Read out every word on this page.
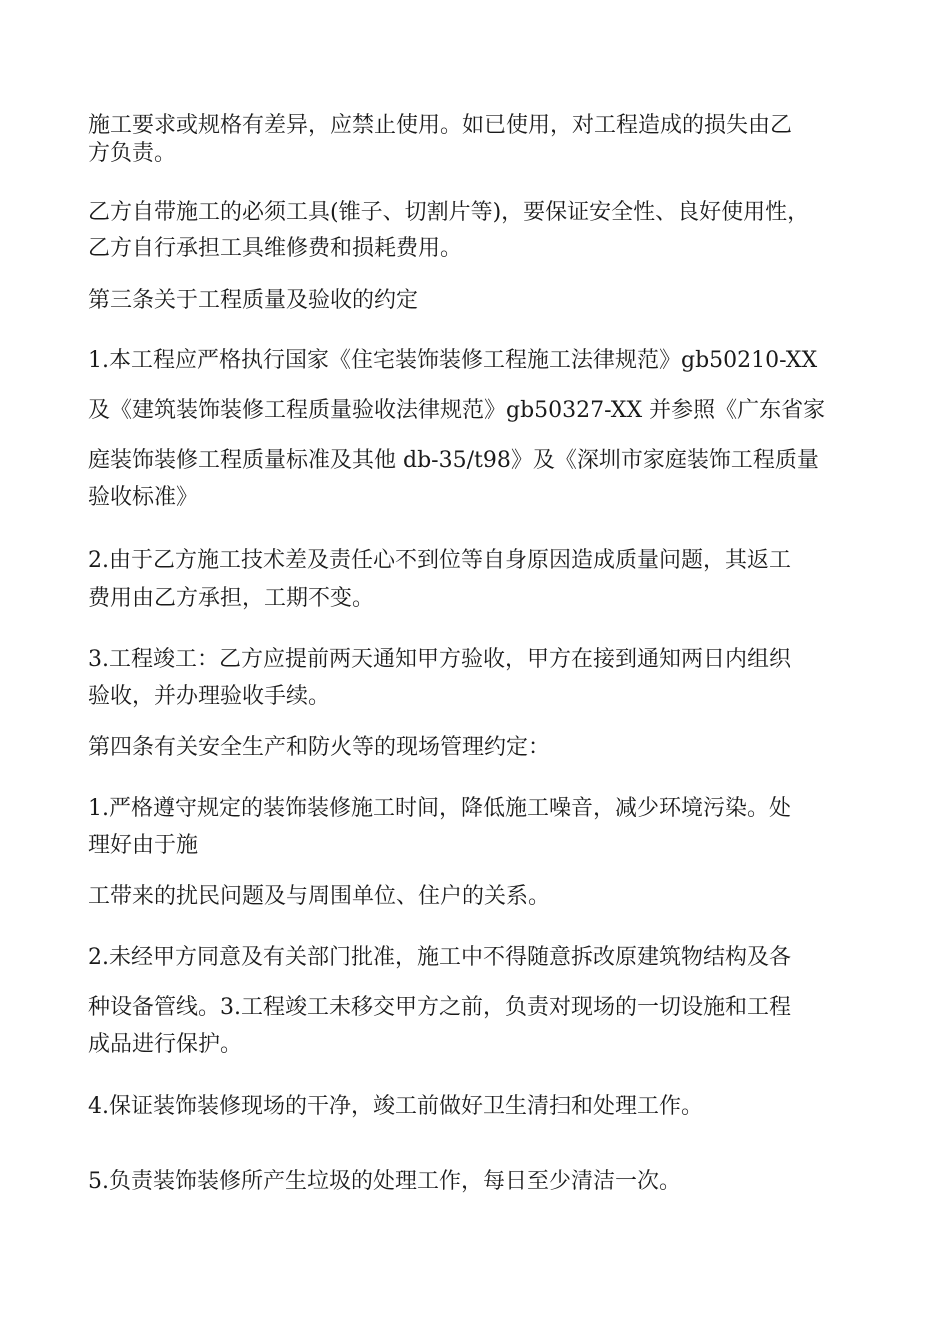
施工要求或规格有差异，应禁止使用。如已使用，对工程造成的损失由乙

方负责。

乙方自带施工的必须工具(锥子、切割片等)，要保证安全性、良好使用性，

乙方自行承担工具维修费和损耗费用。

第三条关于工程质量及验收的约定

1.本工程应严格执行国家《住宅装饰装修工程施工法律规范》gb50210-XX

及《建筑装饰装修工程质量验收法律规范》gb50327-XX 并参照《广东省家

庭装饰装修工程质量标准及其他 db-35/t98》及《深圳市家庭装饰工程质量

验收标准》

2.由于乙方施工技术差及责任心不到位等自身原因造成质量问题，其返工

费用由乙方承担，工期不变。

3.工程竣工：乙方应提前两天通知甲方验收，甲方在接到通知两日内组织

验收，并办理验收手续。

第四条有关安全生产和防火等的现场管理约定：

1.严格遵守规定的装饰装修施工时间，降低施工噪音，减少环境污染。处

理好由于施

工带来的扰民问题及与周围单位、住户的关系。

2.未经甲方同意及有关部门批准，施工中不得随意拆改原建筑物结构及各

种设备管线。3.工程竣工未移交甲方之前，负责对现场的一切设施和工程

成品进行保护。

4.保证装饰装修现场的干净，竣工前做好卫生清扫和处理工作。

5.负责装饰装修所产生垃圾的处理工作，每日至少清洁一次。
